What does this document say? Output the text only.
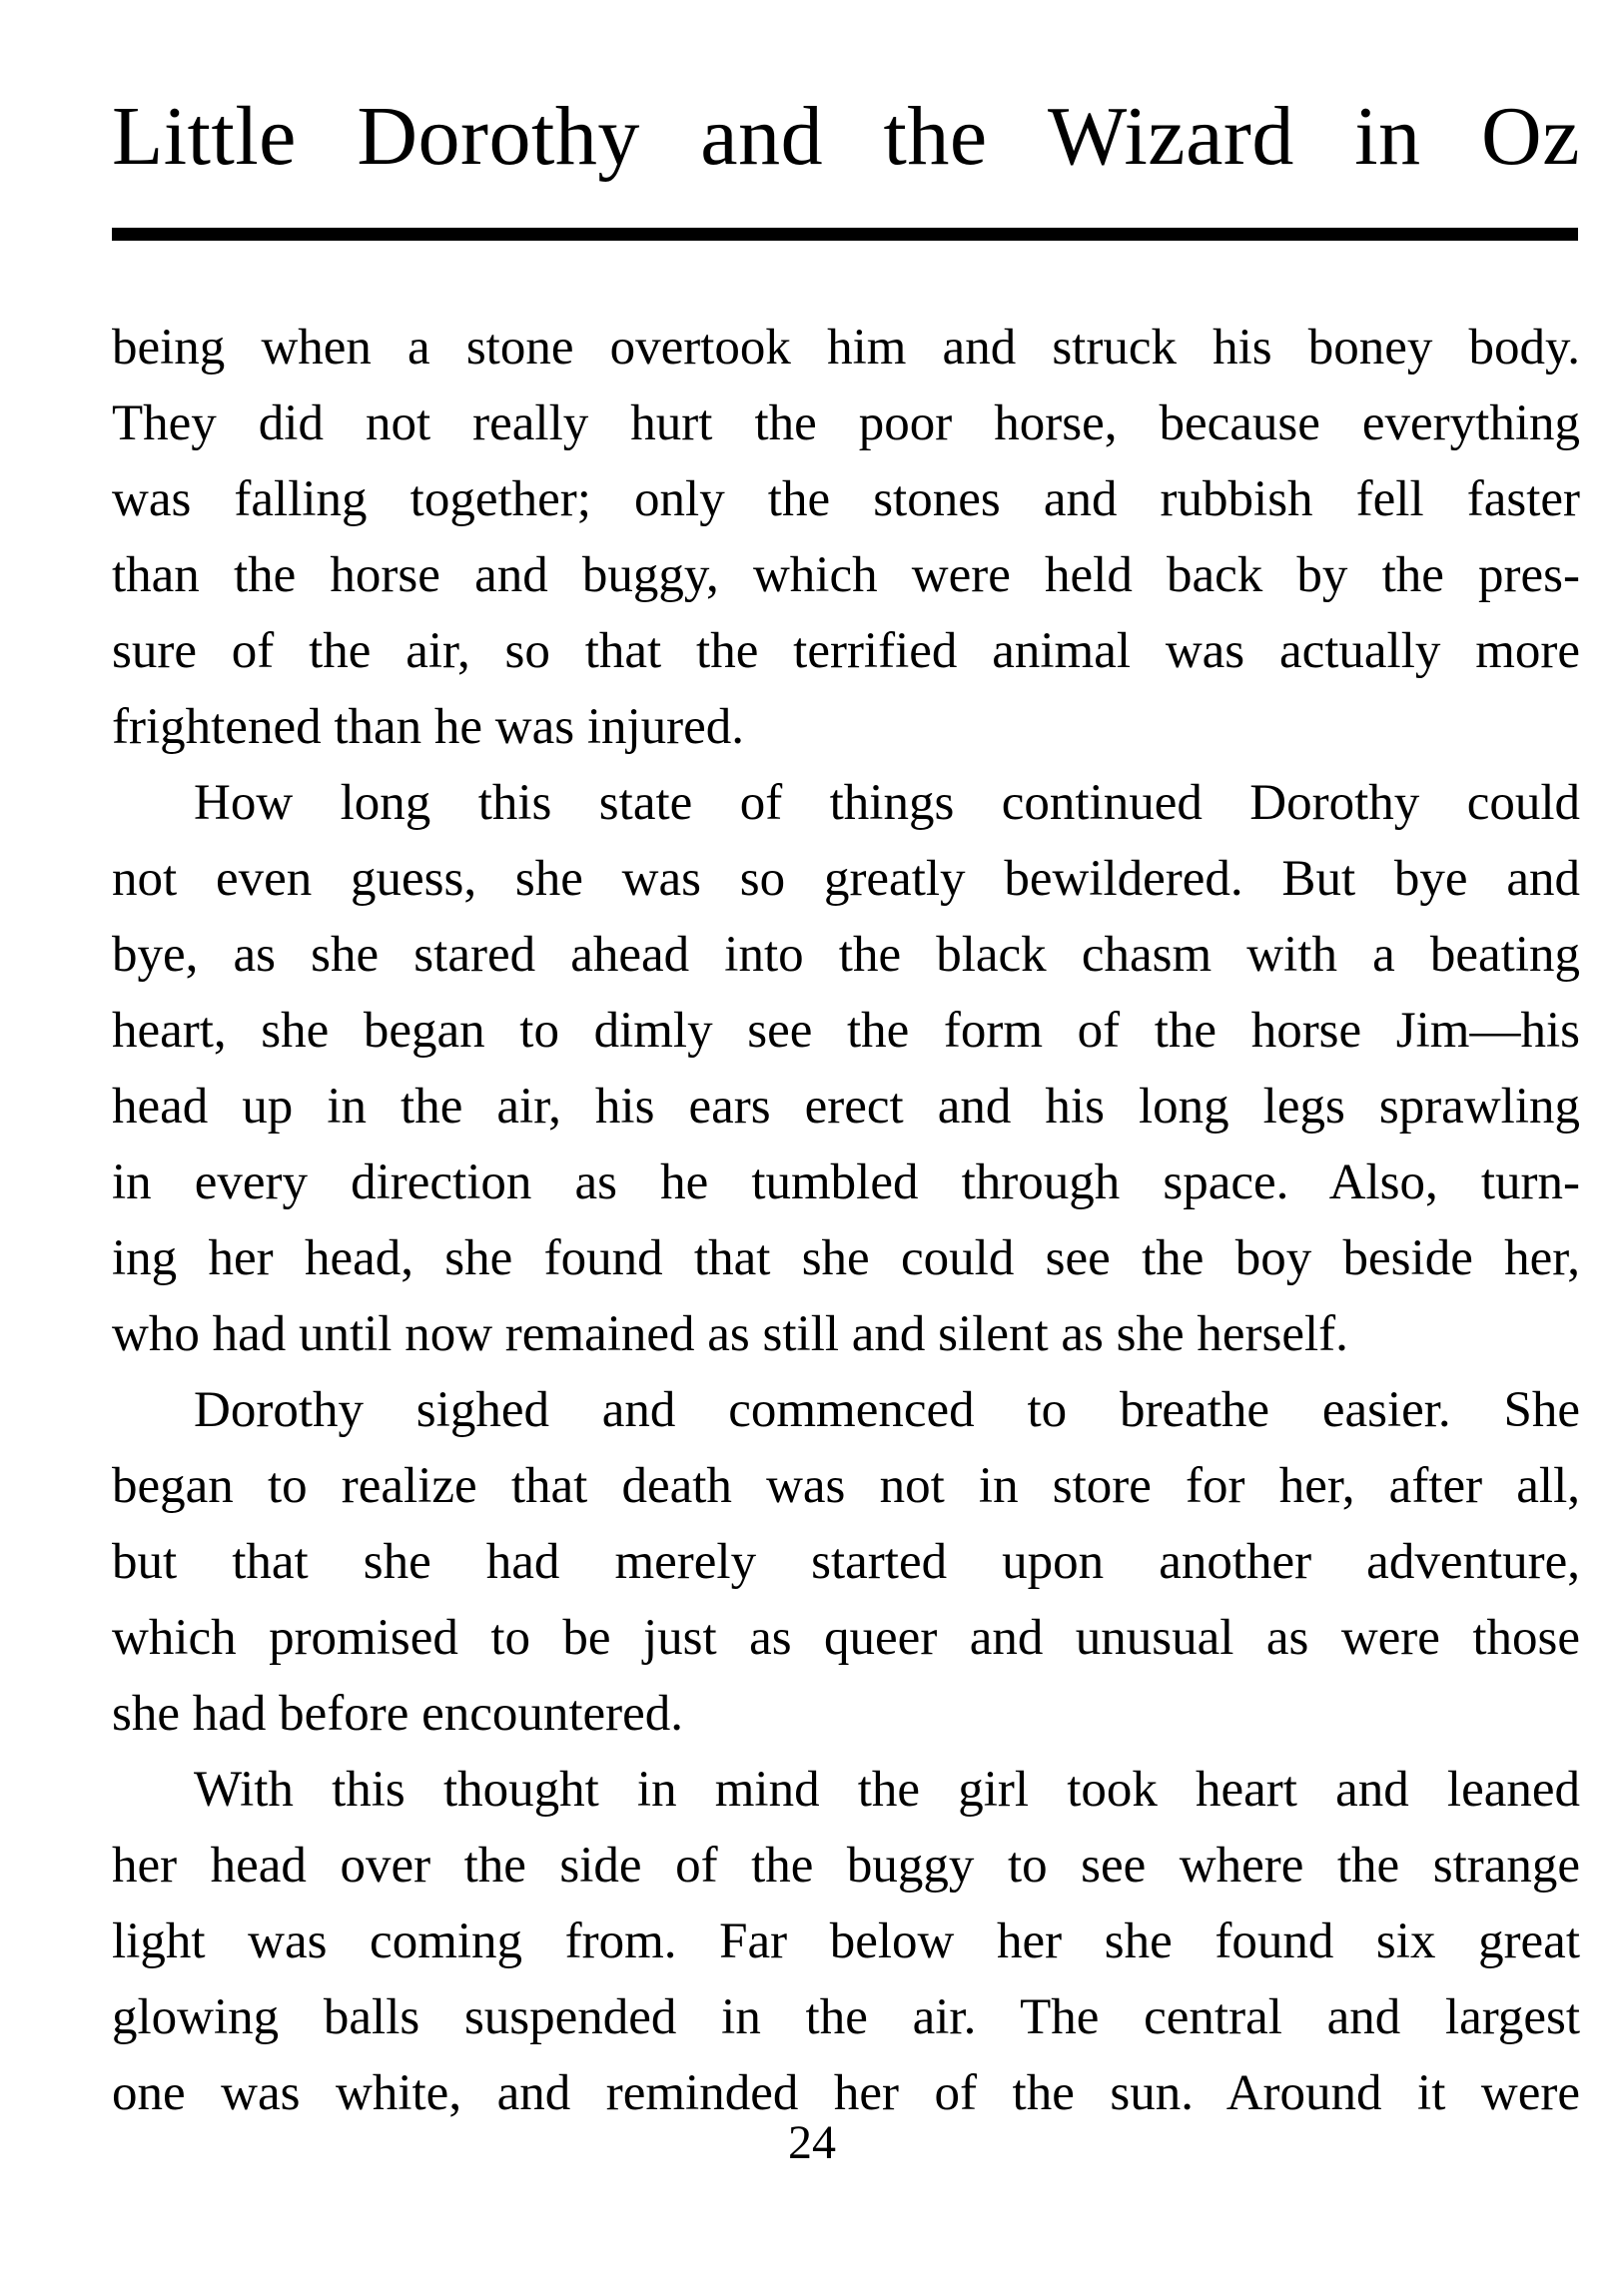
Little Dorothy and the Wizard in Oz
being when a stone overtook him and struck his boney body.
They did not really hurt the poor horse, because everything
was falling together; only the stones and rubbish fell faster
than the horse and buggy, which were held back by the pres-
sure of the air, so that the terrified animal was actually more
frightened than he was injured.
How long this state of things continued Dorothy could
not even guess, she was so greatly bewildered. But bye and
bye, as she stared ahead into the black chasm with a beating
heart, she began to dimly see the form of the horse Jim—his
head up in the air, his ears erect and his long legs sprawling
in every direction as he tumbled through space. Also, turn-
ing her head, she found that she could see the boy beside her,
who had until now remained as still and silent as she herself.
Dorothy sighed and commenced to breathe easier. She
began to realize that death was not in store for her, after all,
but that she had merely started upon another adventure,
which promised to be just as queer and unusual as were those
she had before encountered.
With this thought in mind the girl took heart and leaned
her head over the side of the buggy to see where the strange
light was coming from. Far below her she found six great
glowing balls suspended in the air. The central and largest
one was white, and reminded her of the sun. Around it were
24
